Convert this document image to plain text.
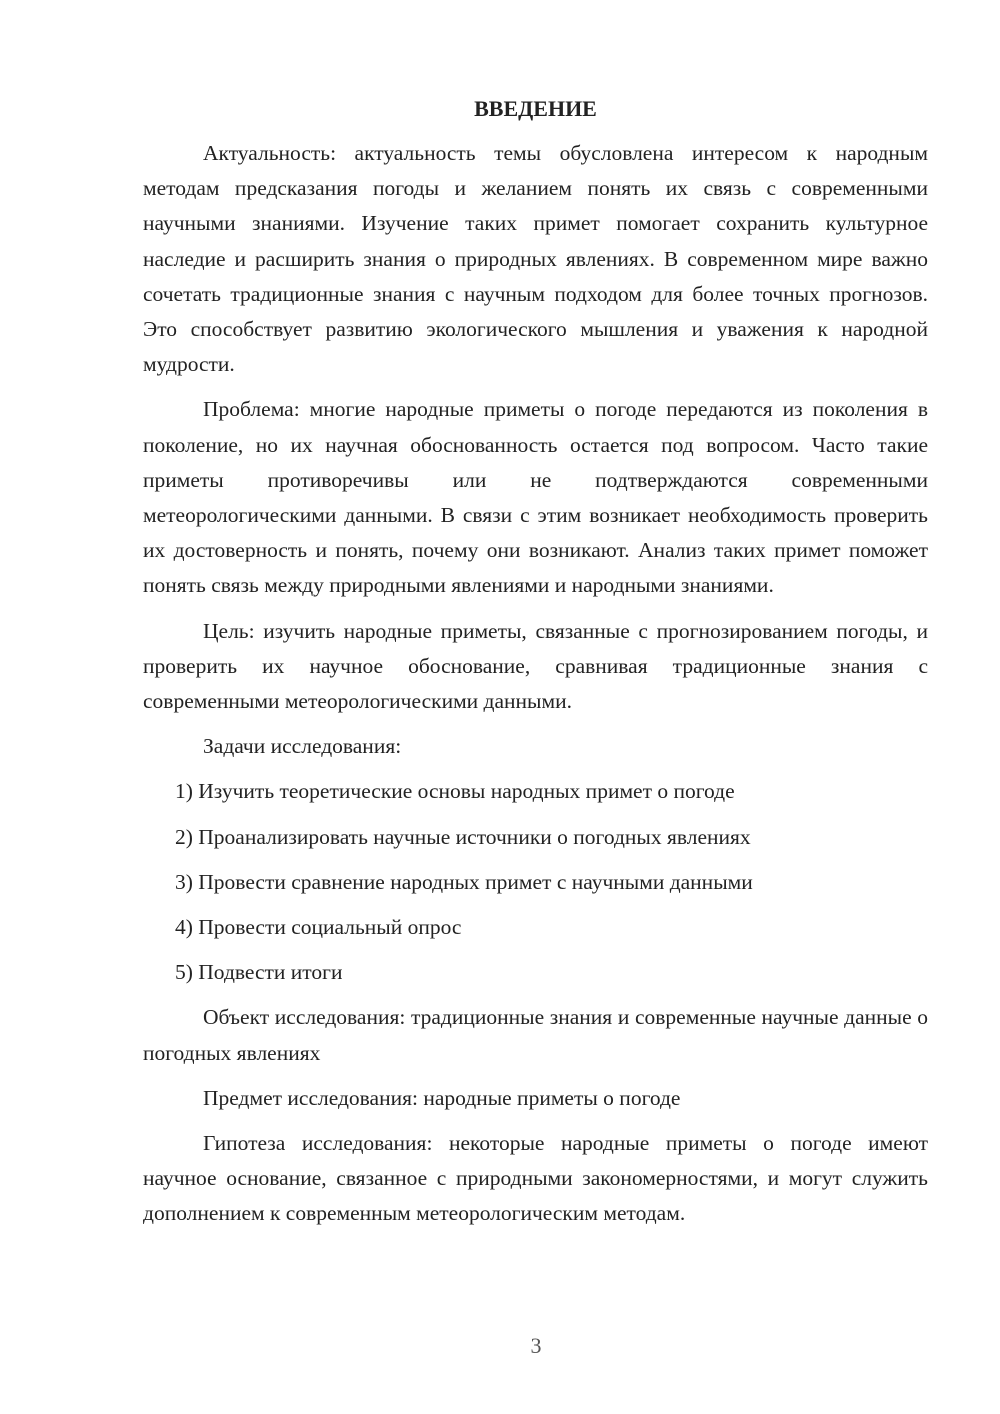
ВВЕДЕНИЕ

Актуальность: актуальность темы обусловлена интересом к народным методам предсказания погоды и желанием понять их связь с современными научными знаниями. Изучение таких примет помогает сохранить культурное наследие и расширить знания о природных явлениях. В современном мире важно сочетать традиционные знания с научным подходом для более точных прогнозов. Это способствует развитию экологического мышления и уважения к народной мудрости.

Проблема: многие народные приметы о погоде передаются из поколения в поколение, но их научная обоснованность остается под вопросом. Часто такие приметы противоречивы или не подтверждаются современными метеорологическими данными. В связи с этим возникает необходимость проверить их достоверность и понять, почему они возникают. Анализ таких примет поможет понять связь между природными явлениями и народными знаниями.

Цель: изучить народные приметы, связанные с прогнозированием погоды, и проверить их научное обоснование, сравнивая традиционные знания с современными метеорологическими данными.

Задачи исследования:

1) Изучить теоретические основы народных примет о погоде

2) Проанализировать научные источники о погодных явлениях

3) Провести сравнение народных примет с научными данными

4) Провести социальный опрос

5) Подвести итоги

Объект исследования: традиционные знания и современные научные данные о погодных явлениях

Предмет исследования: народные приметы о погоде

Гипотеза исследования: некоторые народные приметы о погоде имеют научное основание, связанное с природными закономерностями, и могут служить дополнением к современным метеорологическим методам.

3
